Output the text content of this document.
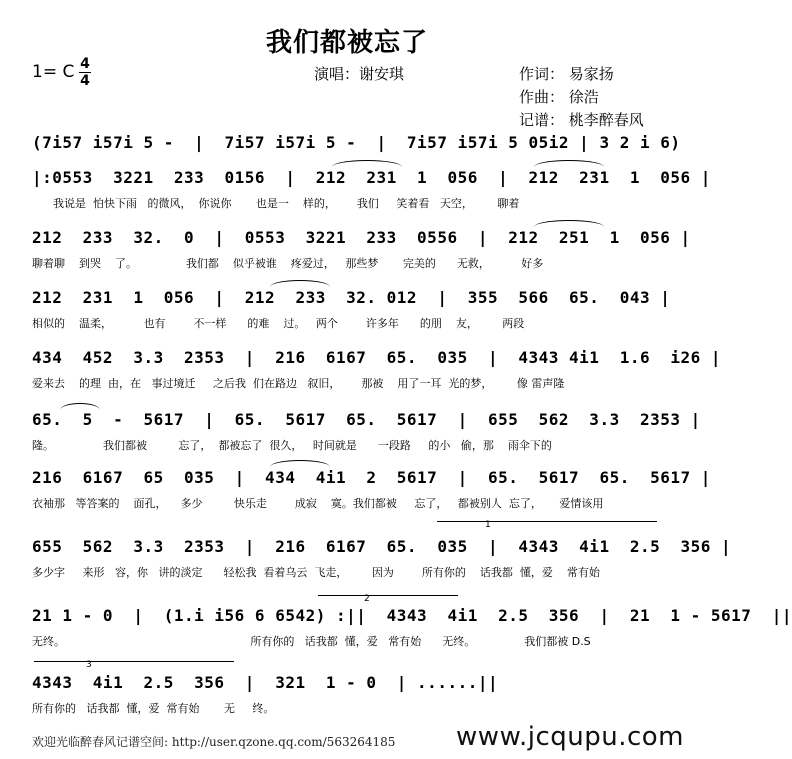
我们都被忘了
1= C 4
4	演唱：谢安琪	作词： 易家扬
作曲： 徐浩
记谱： 桃李醉春风
(7i57 i57i 5 -  |  7i57 i57i 5 -  |  7i57 i57i 5 05i2 | 3 2 i 6)
|:0553  3221  233  0156  |  212  231  1  056  |  212  231  1  056 |
我说是  怕快下雨   的微风，  你说你       也是一    样的，      我们     笑着看   天空，       聊着
212  233  32.  0  |  0553  3221  233  0556  |  212  251  1  056 |
聊着聊    到哭    了。              我们都    似乎被谁    疼爱过，   那些梦       完美的      无救，         好多
212  231  1  056  |  212  233  32. 012  |  355  566  65.  043 |
相似的    温柔，         也有        不一样      的难    过。   两个        许多年      的朋    友，       两段
434  452  3.3  2353  |  216  6167  65.  035  |  4343 4i1  1.6  i26 |
爱来去    的理  由，在   事过境迁     之后我  们在路边   叙旧，      那被    用了一耳  光的梦，       像 雷声隆
65.  5  -  5617  |  65.  5617  65.  5617  |  655  562  3.3  2353 |
隆。              我们都被         忘了，  都被忘了  很久，   时间就是      一段路     的小   偷，那    雨伞下的
216  6167  65  035  |  434  4i1  2  5617  |  65.  5617  65.  5617 |
衣袖那   等答案的    面孔，    多少         快乐走        成寂    寞。我们都被     忘了，   都被别人  忘了，     爱情该用
655  562  3.3  2353  |  216  6167  65.  035  |  4343  4i1  2.5  356 |
多少字     来形   容，你   讲的淡定      轻松我  看着乌云  飞走，       因为        所有你的    话我都  懂，爱    常有始
21 1 - 0  |  (1.i i56 6 6542) :||  4343  4i1  2.5  356  |  21  1 - 5617  ||
无终。                                                     所有你的   话我都  懂，爱   常有始      无终。              我们都被 D.S
4343  4i1  2.5  356  |  321  1 - 0  | ......||
所有你的   话我都  懂，爱  常有始       无     终。
1
2
3
欢迎光临醉春风记谱空间: http://user.qzone.qq.com/563264185 www.jcqupu.com
